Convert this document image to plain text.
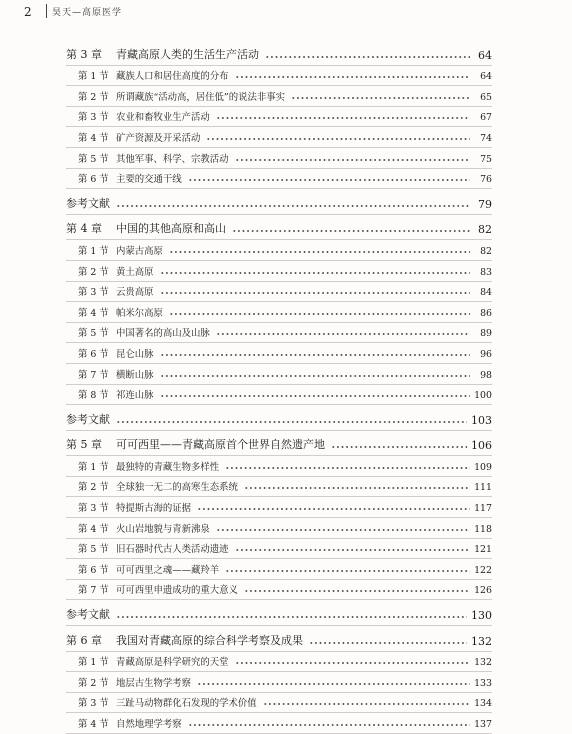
2 昊天—高原医学
第 3 章 青藏高原人类的生活生产活动	64
第 1 节 藏族人口和居住高度的分布	64
第 2 节 所谓藏族“活动高，居住低”的说法非事实	65
第 3 节 农业和畜牧业生产活动	67
第 4 节 矿产资源及开采活动	74
第 5 节 其他军事、科学、宗教活动	75
第 6 节 主要的交通干线	76
参考文献	79
第 4 章 中国的其他高原和高山	82
第 1 节 内蒙古高原	82
第 2 节 黄土高原	83
第 3 节 云贵高原	84
第 4 节 帕米尔高原	86
第 5 节 中国著名的高山及山脉	89
第 6 节 昆仑山脉	96
第 7 节 横断山脉	98
第 8 节 祁连山脉	100
参考文献	103
第 5 章 可可西里——青藏高原首个世界自然遗产地	106
第 1 节 最独特的青藏生物多样性	109
第 2 节 全球独一无二的高寒生态系统	111
第 3 节 特提斯古海的证据	117
第 4 节 火山岩地貌与青新沸泉	118
第 5 节 旧石器时代古人类活动遗迹	121
第 6 节 可可西里之魂——藏羚羊	122
第 7 节 可可西里申遗成功的重大意义	126
参考文献	130
第 6 章 我国对青藏高原的综合科学考察及成果	132
第 1 节 青藏高原是科学研究的天堂	132
第 2 节 地层古生物学考察	133
第 3 节 三趾马动物群化石发现的学术价值	134
第 4 节 自然地理学考察	137
